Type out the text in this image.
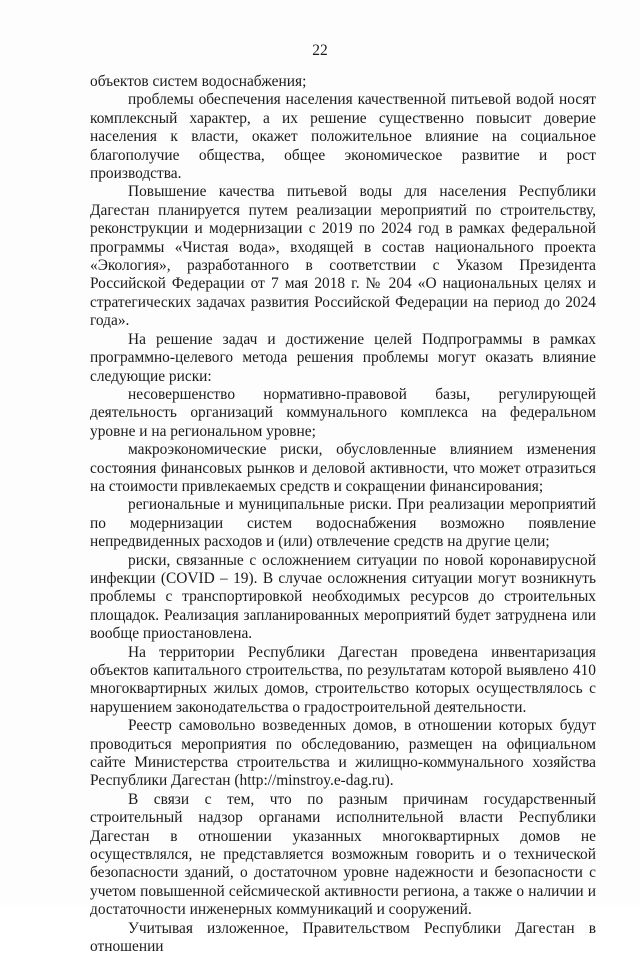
22

объектов систем водоснабжения;

проблемы обеспечения населения качественной питьевой водой носят комплексный характер, а их решение существенно повысит доверие населения к власти, окажет положительное влияние на социальное благополучие общества, общее экономическое развитие и рост производства.

Повышение качества питьевой воды для населения Республики Дагестан планируется путем реализации мероприятий по строительству, реконструкции и модернизации с 2019 по 2024 год в рамках федеральной программы «Чистая вода», входящей в состав национального проекта «Экология», разработанного в соответствии с Указом Президента Российской Федерации от 7 мая 2018 г. № 204 «О национальных целях и стратегических задачах развития Российской Федерации на период до 2024 года».

На решение задач и достижение целей Подпрограммы в рамках программно-целевого метода решения проблемы могут оказать влияние следующие риски:

несовершенство нормативно-правовой базы, регулирующей деятельность организаций коммунального комплекса на федеральном уровне и на региональном уровне;

макроэкономические риски, обусловленные влиянием изменения состояния финансовых рынков и деловой активности, что может отразиться на стоимости привлекаемых средств и сокращении финансирования;

региональные и муниципальные риски. При реализации мероприятий по модернизации систем водоснабжения возможно появление непредвиденных расходов и (или) отвлечение средств на другие цели;

риски, связанные с осложнением ситуации по новой коронавирусной инфекции (COVID – 19). В случае осложнения ситуации могут возникнуть проблемы с транспортировкой необходимых ресурсов до строительных площадок. Реализация запланированных мероприятий будет затруднена или вообще приостановлена.

На территории Республики Дагестан проведена инвентаризация объектов капитального строительства, по результатам которой выявлено 410 многоквартирных жилых домов, строительство которых осуществлялось с нарушением законодательства о градостроительной деятельности.

Реестр самовольно возведенных домов, в отношении которых будут проводиться мероприятия по обследованию, размещен на официальном сайте Министерства строительства и жилищно-коммунального хозяйства Республики Дагестан (http://minstroy.e-dag.ru).

В связи с тем, что по разным причинам государственный строительный надзор органами исполнительной власти Республики Дагестан в отношении указанных многоквартирных домов не осуществлялся, не представляется возможным говорить и о технической безопасности зданий, о достаточном уровне надежности и безопасности с учетом повышенной сейсмической активности региона, а также о наличии и достаточности инженерных коммуникаций и сооружений.

Учитывая изложенное, Правительством Республики Дагестан в отношении
